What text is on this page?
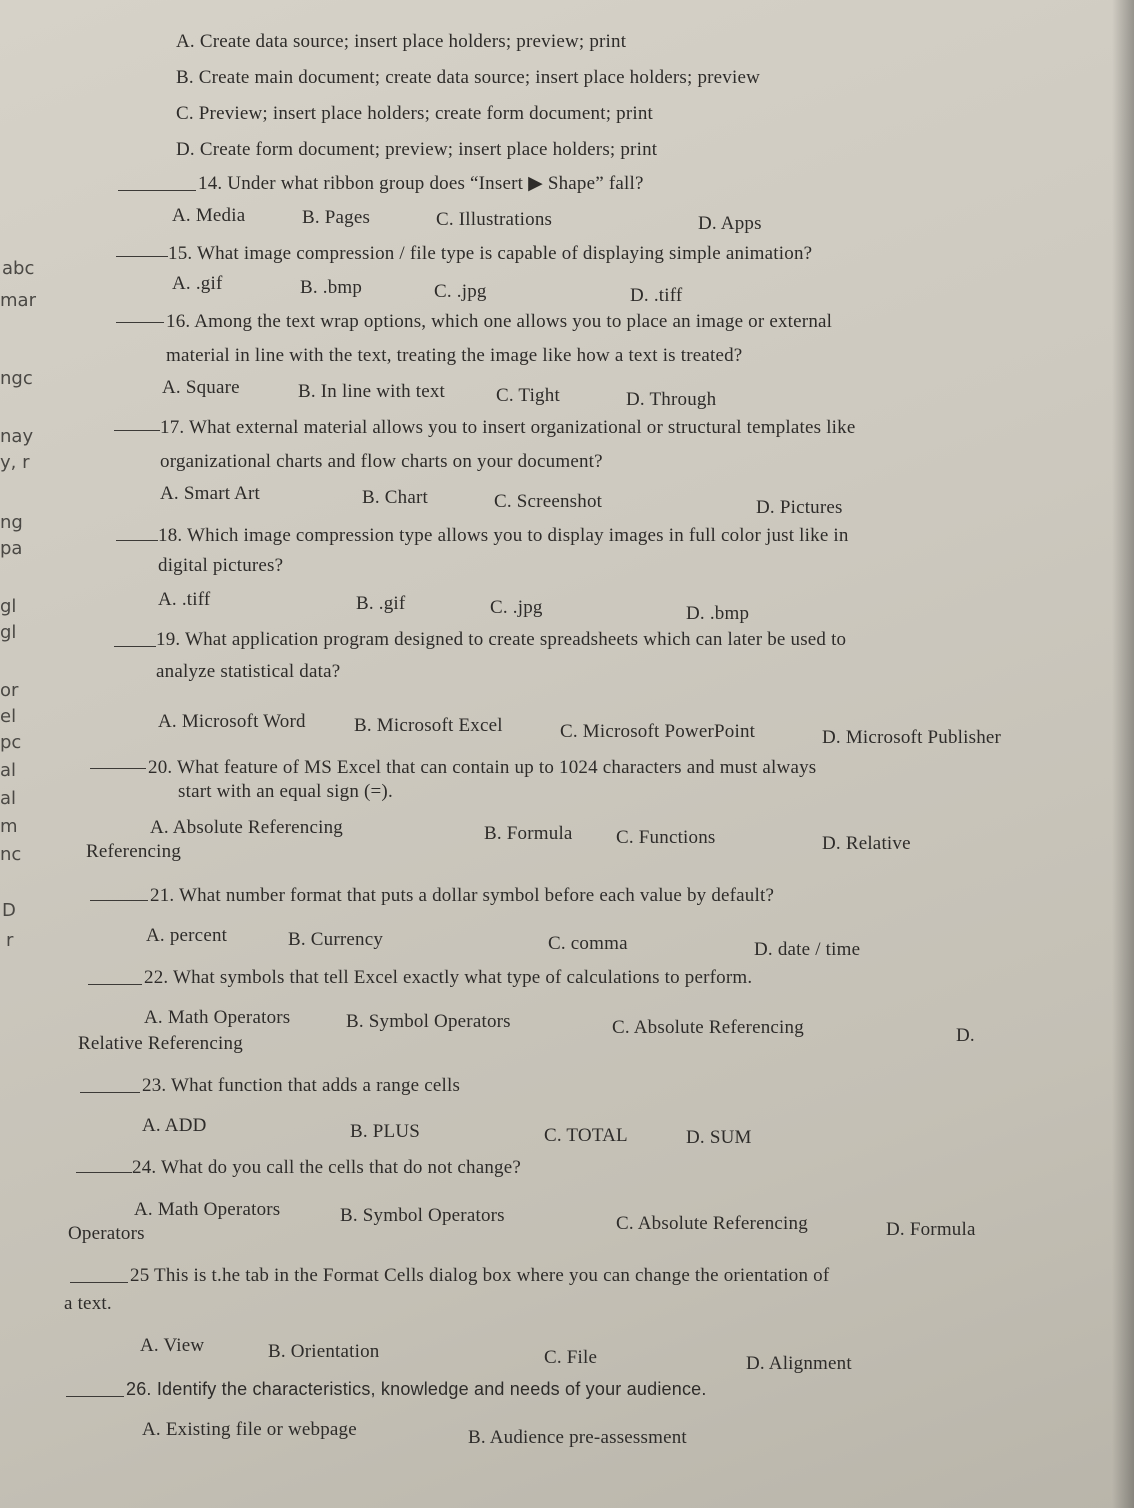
abc
mar
ngc
nay
y, r
ng
pa
gl
gl
or
el
pc
al
al
m
nc
D
r
A. Create data source; insert place holders; preview; print
B. Create main document; create data source; insert place holders; preview
C. Preview; insert place holders; create form document; print
D. Create form document; preview; insert place holders; print
14. Under what ribbon group does “Insert ▶ Shape” fall?
A. Media	B. Pages	C. Illustrations	D. Apps
15. What image compression / file type is capable of displaying simple animation?
A. .gif	B. .bmp	C. .jpg	D. .tiff
16. Among the text wrap options, which one allows you to place an image or external
material in line with the text, treating the image like how a text is treated?
A. Square	B. In line with text	C. Tight	D. Through
17. What external material allows you to insert organizational or structural templates like
organizational charts and flow charts on your document?
A. Smart Art	B. Chart	C. Screenshot	D. Pictures
18. Which image compression type allows you to display images in full color just like in
digital pictures?
A. .tiff	B. .gif	C. .jpg	D. .bmp
19. What application program designed to create spreadsheets which can later be used to
analyze statistical data?
A. Microsoft Word	B. Microsoft Excel	C. Microsoft PowerPoint	D. Microsoft Publisher
20. What feature of MS Excel that can contain up to 1024 characters and must always
start with an equal sign (=).
A. Absolute Referencing	B. Formula C. Functions	D. Relative
Referencing
21. What number format that puts a dollar symbol before each value by default?
A. percent	B. Currency	C. comma	D. date / time
22. What symbols that tell Excel exactly what type of calculations to perform.
A. Math Operators	B. Symbol Operators	C. Absolute Referencing	D.
Relative Referencing
23. What function that adds a range cells
A. ADD	B. PLUS	C. TOTAL	D. SUM
24. What do you call the cells that do not change?
A. Math Operators	B. Symbol Operators	C. Absolute Referencing	D. Formula
Operators
25 This is t.he tab in the Format Cells dialog box where you can change the orientation of
a text.
A. View	B. Orientation	C. File	D. Alignment
26. Identify the characteristics, knowledge and needs of your audience.
A. Existing file or webpage	B. Audience pre-assessment
